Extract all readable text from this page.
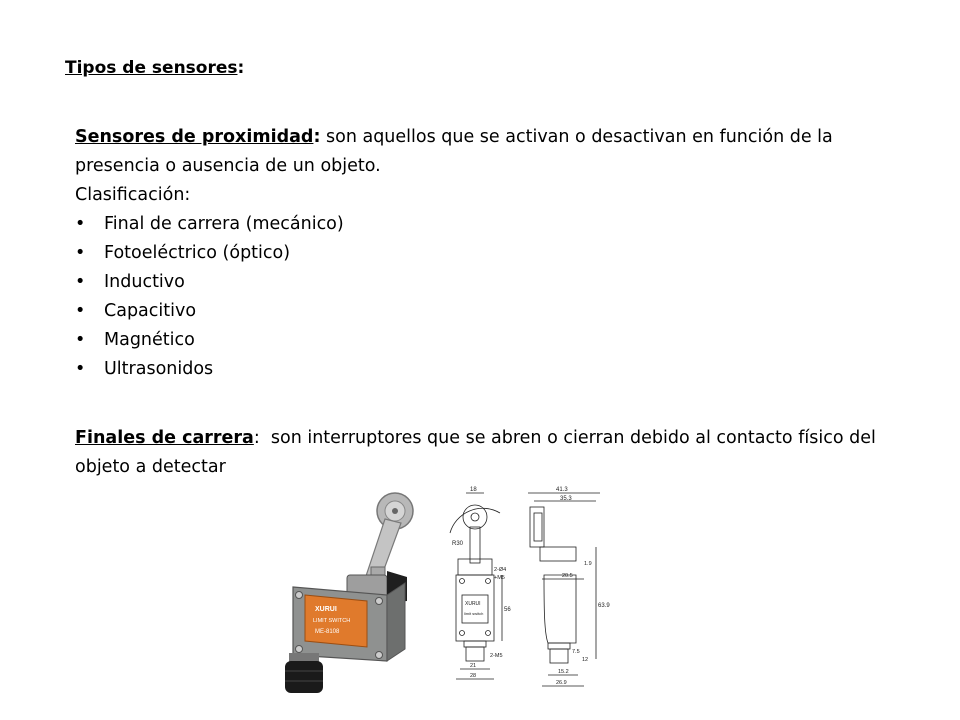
Tipos de sensores:
Sensores de proximidad: son aquellos que se activan o desactivan en función de la presencia o ausencia de un objeto.
Clasificación:
• Final de carrera (mecánico)
• Fotoeléctrico (óptico)
• Inductivo
• Capacitivo
• Magnético
• Ultrasonidos
Finales de carrera:  son interruptores que se abren o cierran debido al contacto físico del objeto a detectar
XURUI
LIMIT SWITCH
ME-8108
18
R30
2-Ø4
+M5
XURUI
limit switch
56
2-M5
21
28
41.3
35.3
1.9
20.5
63.9
7.5
12
15.2
26.9
